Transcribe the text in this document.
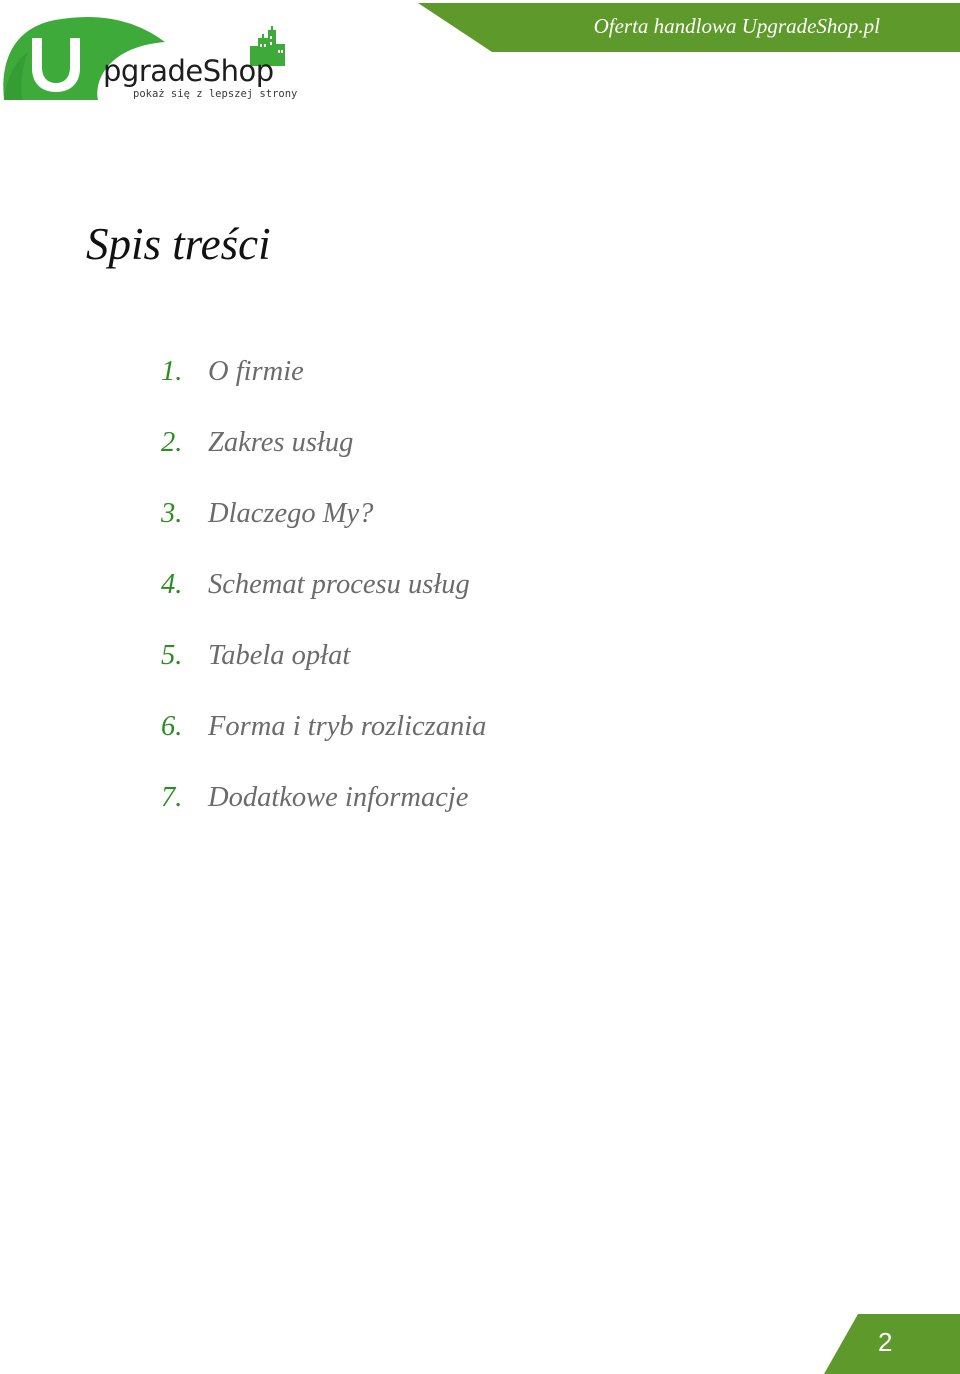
Oferta handlowa UpgradeShop.pl
pgradeShop
pokaż się z lepszej strony
Spis treści
1. O firmie
2. Zakres usług
3. Dlaczego My?
4. Schemat procesu usług
5. Tabela opłat
6. Forma i tryb rozliczania
7. Dodatkowe informacje
2
